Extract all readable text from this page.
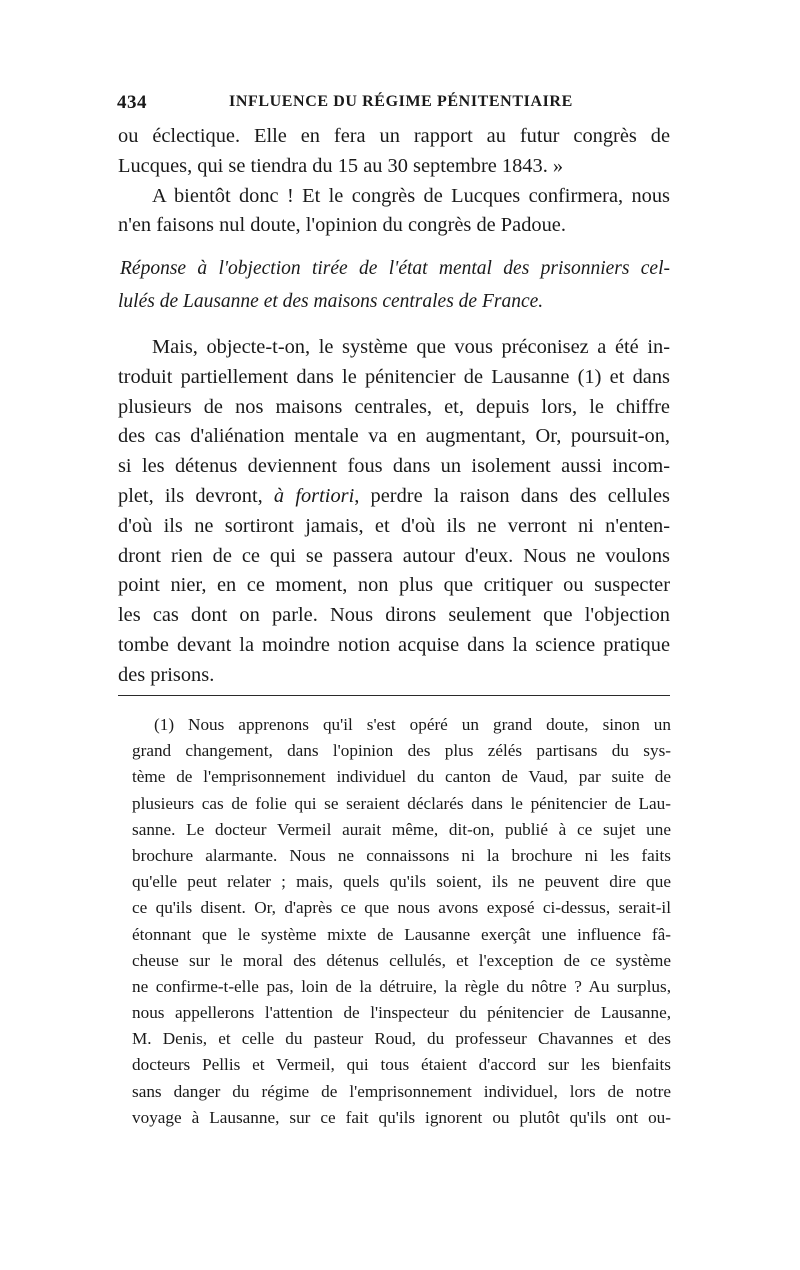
434	INFLUENCE DU RÉGIME PÉNITENTIAIRE
ou éclectique. Elle en fera un rapport au futur congrès de
Lucques, qui se tiendra du 15 au 30 septembre 1843. »
A bientôt donc ! Et le congrès de Lucques confirmera, nous
n'en faisons nul doute, l'opinion du congrès de Padoue.
Réponse à l'objection tirée de l'état mental des prisonniers cel-
lulés de Lausanne et des maisons centrales de France.
Mais, objecte-t-on, le système que vous préconisez a été in-
troduit partiellement dans le pénitencier de Lausanne (1) et dans
plusieurs de nos maisons centrales, et, depuis lors, le chiffre
des cas d'aliénation mentale va en augmentant, Or, poursuit-on,
si les détenus deviennent fous dans un isolement aussi incom-
plet, ils devront, à fortiori, perdre la raison dans des cellules
d'où ils ne sortiront jamais, et d'où ils ne verront ni n'enten-
dront rien de ce qui se passera autour d'eux. Nous ne voulons
point nier, en ce moment, non plus que critiquer ou suspecter
les cas dont on parle. Nous dirons seulement que l'objection
tombe devant la moindre notion acquise dans la science pratique
des prisons.
(1) Nous apprenons qu'il s'est opéré un grand doute, sinon un
grand changement, dans l'opinion des plus zélés partisans du sys-
tème de l'emprisonnement individuel du canton de Vaud, par suite de
plusieurs cas de folie qui se seraient déclarés dans le pénitencier de Lau-
sanne. Le docteur Vermeil aurait même, dit-on, publié à ce sujet une
brochure alarmante. Nous ne connaissons ni la brochure ni les faits
qu'elle peut relater ; mais, quels qu'ils soient, ils ne peuvent dire que
ce qu'ils disent. Or, d'après ce que nous avons exposé ci-dessus, serait-il
étonnant que le système mixte de Lausanne exerçât une influence fâ-
cheuse sur le moral des détenus cellulés, et l'exception de ce système
ne confirme-t-elle pas, loin de la détruire, la règle du nôtre ? Au surplus,
nous appellerons l'attention de l'inspecteur du pénitencier de Lausanne,
M. Denis, et celle du pasteur Roud, du professeur Chavannes et des
docteurs Pellis et Vermeil, qui tous étaient d'accord sur les bienfaits
sans danger du régime de l'emprisonnement individuel, lors de notre
voyage à Lausanne, sur ce fait qu'ils ignorent ou plutôt qu'ils ont ou-
